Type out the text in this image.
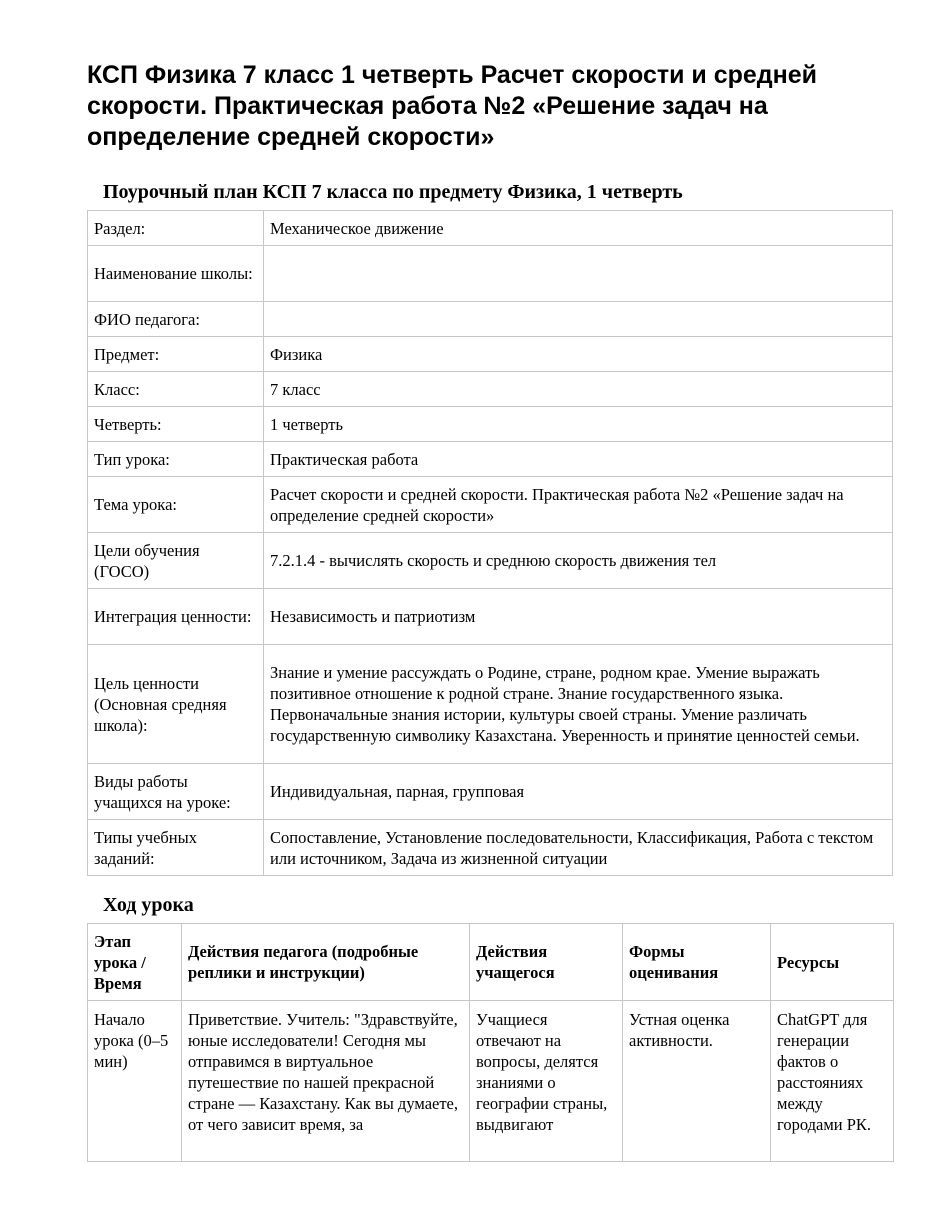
КСП Физика 7 класс 1 четверть Расчет скорости и средней скорости. Практическая работа №2 «Решение задач на определение средней скорости»
Поурочный план КСП 7 класса по предмету Физика, 1 четверть
Раздел:	Механическое движение
Наименование школы:	
ФИО педагога:	
Предмет:	Физика
Класс:	7 класс
Четверть:	1 четверть
Тип урока:	Практическая работа
Тема урока:	Расчет скорости и средней скорости. Практическая работа №2 «Решение задач на определение средней скорости»
Цели обучения (ГОСО)	7.2.1.4 - вычислять скорость и среднюю скорость движения тел
Интеграция ценности:	Независимость и патриотизм
Цель ценности (Основная средняя школа):	Знание и умение рассуждать о Родине, стране, родном крае. Умение выражать позитивное отношение к родной стране. Знание государственного языка. Первоначальные знания истории, культуры своей страны. Умение различать государственную символику Казахстана. Уверенность и принятие ценностей семьи.
Виды работы учащихся на уроке:	Индивидуальная, парная, групповая
Типы учебных заданий:	Сопоставление, Установление последовательности, Классификация, Работа с текстом или источником, Задача из жизненной ситуации
Ход урока
Этап урока / Время	Действия педагога (подробные реплики и инструкции)	Действия учащегося	Формы оценивания	Ресурсы
Начало урока (0–5 мин)	Приветствие. Учитель: "Здравствуйте, юные исследователи! Сегодня мы отправимся в виртуальное путешествие по нашей прекрасной стране — Казахстану. Как вы думаете, от чего зависит время, за	Учащиеся отвечают на вопросы, делятся знаниями о географии страны, выдвигают	Устная оценка активности.	ChatGPT для генерации фактов о расстояниях между городами РК.
